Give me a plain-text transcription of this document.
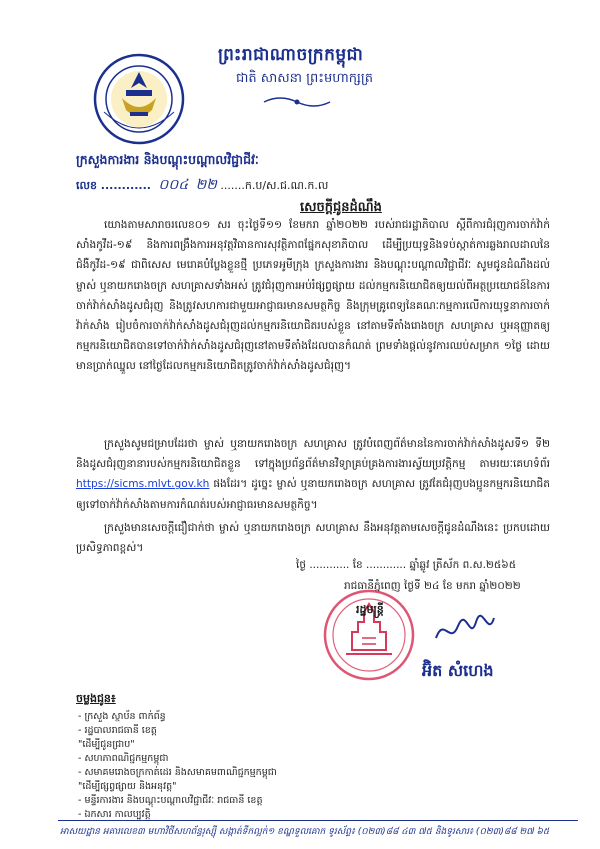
ព្រះរាជាណាចក្រកម្ពុជា
ជាតិ សាសនា ព្រះមហាក្សត្រ
ក្រសួងការងារ និងបណ្តុះបណ្តាលវិជ្ជាជីវៈ
លេខ ............ ០០៤ ២២ .......ក.ប/ស.ជ.ណ.ក.ល
សេចក្តីជូនដំណឹង

យោងតាមសារាចរលេខ០១ សរ ចុះថ្ងៃទី១១ ខែមករា ឆ្នាំ២០២២ របស់រាជរដ្ឋាភិបាល ស្តីពីការជំរុញការចាក់វ៉ាក់សាំងកូវីដ-១៩ និងការពង្រឹងការអនុវត្តវិធានការសុវត្ថិភាពផ្នែកសុខាភិបាល ដើម្បីប្រយុទ្ធនិងទប់ស្កាត់ការឆ្លងរាលដាលនៃជំងឺកូវីដ-១៩ ជាពិសេស មេរោគបំប្លែងខ្លួនថ្មី ប្រភេទអូមីក្រុង ក្រសួងការងារ និងបណ្តុះបណ្តាលវិជ្ជាជីវៈ សូមជូនដំណឹងដល់ម្ចាស់ ឬនាយករោងចក្រ សហគ្រាសទាំងអស់ ត្រូវជំរុញការអប់រំផ្សព្វផ្សាយ ដល់កម្មករនិយោជិតឲ្យយល់ពីអត្ថប្រយោជន៍នៃការចាក់វ៉ាក់សាំងដូសជំរុញ និងត្រូវសហការជាមួយអាជ្ញាធរមានសមត្ថកិច្ច និងក្រុមគ្រូពេទ្យនៃគណៈកម្មការលើការយុទ្ធនាការចាក់វ៉ាក់សាំង រៀបចំការចាក់វ៉ាក់សាំងដូសជំរុញដល់កម្មករនិយោជិតរបស់ខ្លួន នៅតាមទីតាំងរោងចក្រ សហគ្រាស ឬអនុញ្ញាតឲ្យកម្មករនិយោជិតបានទៅចាក់វ៉ាក់សាំងដូសជំរុញនៅតាមទីតាំងដែលបានកំណត់ ព្រមទាំងផ្តល់នូវការឈប់សម្រាក ១ថ្ងៃ ដោយមានប្រាក់ឈ្នួល នៅថ្ងៃដែលកម្មករនិយោជិតត្រូវចាក់វ៉ាក់សាំងដូសជំរុញ។

ក្រសួងសូមជម្រាបដែរថា ម្ចាស់ ឬនាយករោងចក្រ សហគ្រាស ត្រូវបំពេញព័ត៌មាននៃការចាក់វ៉ាក់សាំងដូសទី១ ទី២ និងដូសជំរុញនានារបស់កម្មករនិយោជិតខ្លួន ទៅក្នុងប្រព័ន្ធព័ត៌មានវិទ្យាគ្រប់គ្រងការងារស្វ័យប្រវត្តិកម្ម តាមរយៈគេហទំព័រ https://sicms.mlvt.gov.kh ផងដែរ។ ដូច្នេះ ម្ចាស់ ឬនាយករោងចក្រ សហគ្រាស ត្រូវតែជំរុញបងប្អូនកម្មករនិយោជិតឲ្យទៅចាក់វ៉ាក់សាំងតាមការកំណត់របស់អាជ្ញាធរមានសមត្ថកិច្ច។

ក្រសួងមានសេចក្តីជឿជាក់ថា ម្ចាស់ ឬនាយករោងចក្រ សហគ្រាស នឹងអនុវត្តតាមសេចក្តីជូនដំណឹងនេះ ប្រកបដោយប្រសិទ្ធភាពខ្ពស់។

ថ្ងៃ ............ ខែ ............ ឆ្នាំឆ្លូវ ត្រីស័ក ព.ស.២៥៦៥
រាជធានីភ្នំពេញ ថ្ងៃទី ២៤ ខែ មករា ឆ្នាំ២០២២
រដ្ឋមន្ត្រី
អ៊ិត សំហេង
ចម្លងជូន៖
- ក្រសួង ស្ថាប័ន ពាក់ព័ន្ធ
- រដ្ឋបាលរាជធានី ខេត្ត
"ដើម្បីជូនជ្រាប"
- សហភាពណិជ្ជកម្មកម្ពុជា
- សមាគមរោងចក្រកាត់ដេរ និងសមាគមពាណិជ្ជកម្មកម្ពុជា
"ដើម្បីផ្សព្វផ្សាយ និងអនុវត្ត"
- មន្ទីរការងារ និងបណ្តុះបណ្តាលវិជ្ជាជីវៈ រាជធានី ខេត្ត
- ឯកសារ កាលប្បវត្តិ
អាសយដ្ឋាន អគារលេខ៣ មហាវិថីសហព័ន្ធរុស្ស៊ី សង្កាត់ទឹកល្អក់១ ខណ្ឌទួលគោក ទូរស័ព្ទ៖ (០២៣)៨៨ ៤៣ ៧៥ និងទូរសារ៖ (០២៣)៨៨ ២៧ ៦៥
